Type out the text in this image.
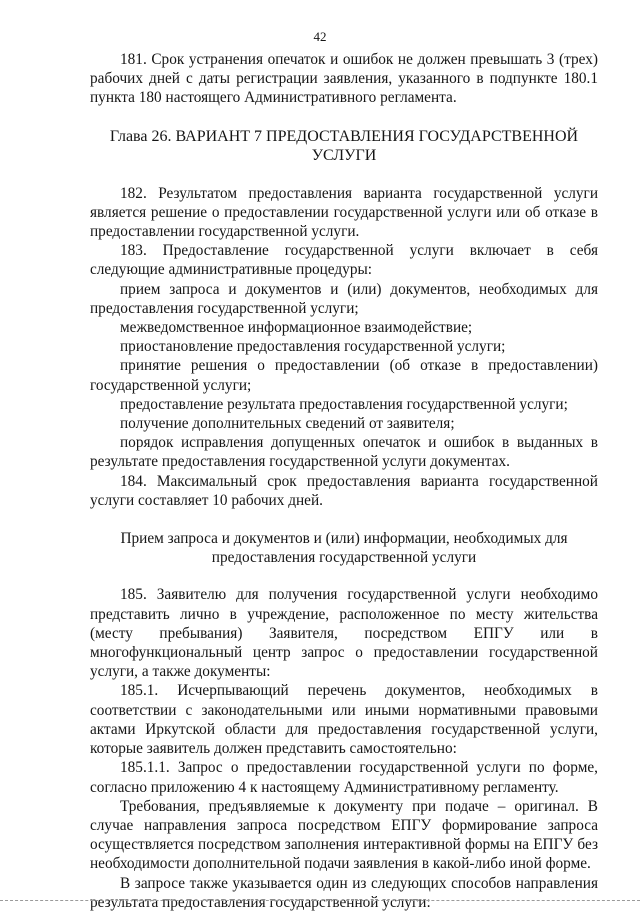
42

181. Срок устранения опечаток и ошибок не должен превышать 3 (трех) рабочих дней с даты регистрации заявления, указанного в подпункте 180.1 пункта 180 настоящего Административного регламента.

Глава 26. ВАРИАНТ 7 ПРЕДОСТАВЛЕНИЯ ГОСУДАРСТВЕННОЙ УСЛУГИ

182. Результатом предоставления варианта государственной услуги является решение о предоставлении государственной услуги или об отказе в предоставлении государственной услуги.

183. Предоставление государственной услуги включает в себя следующие административные процедуры:

прием запроса и документов и (или) документов, необходимых для предоставления государственной услуги;

межведомственное информационное взаимодействие;

приостановление предоставления государственной услуги;

принятие решения о предоставлении (об отказе в предоставлении) государственной услуги;

предоставление результата предоставления государственной услуги;

получение дополнительных сведений от заявителя;

порядок исправления допущенных опечаток и ошибок в выданных в результате предоставления государственной услуги документах.

184. Максимальный срок предоставления варианта государственной услуги составляет 10 рабочих дней.

Прием запроса и документов и (или) информации, необходимых для предоставления государственной услуги

185. Заявителю для получения государственной услуги необходимо представить лично в учреждение, расположенное по месту жительства (месту пребывания) Заявителя, посредством ЕПГУ или в многофункциональный центр запрос о предоставлении государственной услуги, а также документы:

185.1. Исчерпывающий перечень документов, необходимых в соответствии с законодательными или иными нормативными правовыми актами Иркутской области для предоставления государственной услуги, которые заявитель должен представить самостоятельно:

185.1.1. Запрос о предоставлении государственной услуги по форме, согласно приложению 4 к настоящему Административному регламенту.

Требования, предъявляемые к документу при подаче – оригинал. В случае направления запроса посредством ЕПГУ формирование запроса осуществляется посредством заполнения интерактивной формы на ЕПГУ без необходимости дополнительной подачи заявления в какой-либо иной форме.

В запросе также указывается один из следующих способов направления результата предоставления государственной услуги:
